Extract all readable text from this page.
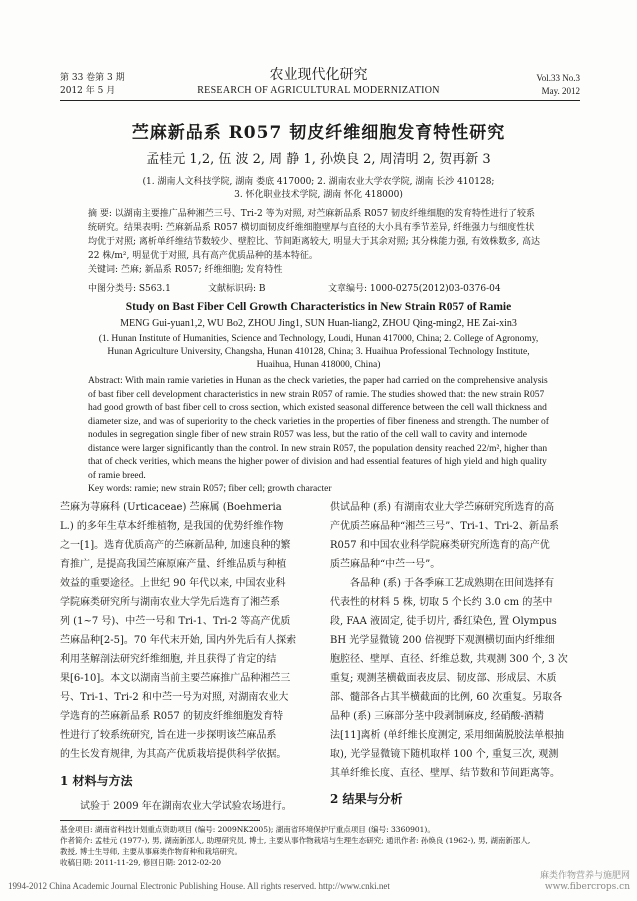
第 33 卷第 3 期
2012 年 5 月
农业现代化研究
RESEARCH OF AGRICULTURAL MODERNIZATION
Vol.33 No.3
May. 2012
苎麻新品系 R057 韧皮纤维细胞发育特性研究
孟桂元 1,2, 伍 波 2, 周 静 1, 孙焕良 2, 周清明 2, 贺再新 3
(1. 湖南人文科技学院, 湖南 娄底 417000; 2. 湖南农业大学农学院, 湖南 长沙 410128;
3. 怀化职业技术学院, 湖南 怀化 418000)
摘 要: 以湖南主要推广品种湘苎三号、Tri-2 等为对照, 对苎麻新品系 R057 韧皮纤维细胞的发育特性进行了较系
统研究。结果表明: 苎麻新品系 R057 横切面韧皮纤维细胞壁厚与直径的大小具有季节差异, 纤维强力与细度性状
均优于对照; 离析单纤维结节数较少、壁腔比、节间距离较大, 明显大于其余对照; 其分株能力强, 有效株数多, 高达
22 株/m², 明显优于对照, 具有高产优质品种的基本特征。
关键词: 苎麻; 新品系 R057; 纤维细胞; 发育特性
中图分类号: S563.1	文献标识码: B	文章编号: 1000-0275(2012)03-0376-04
Study on Bast Fiber Cell Growth Characteristics in New Strain R057 of Ramie
MENG Gui-yuan1,2, WU Bo2, ZHOU Jing1, SUN Huan-liang2, ZHOU Qing-ming2, HE Zai-xin3
(1. Hunan Institute of Humanities, Science and Technology, Loudi, Hunan 417000, China; 2. College of Agronomy,
Hunan Agriculture University, Changsha, Hunan 410128, China; 3. Huaihua Professional Technology Institute,
Huaihua, Hunan 418000, China)
Abstract: With main ramie varieties in Hunan as the check varieties, the paper had carried on the comprehensive analysis
of bast fiber cell development characteristics in new strain R057 of ramie. The studies showed that: the new strain R057
had good growth of bast fiber cell to cross section, which existed seasonal difference between the cell wall thickness and
diameter size, and was of superiority to the check varieties in the properties of fiber fineness and strength. The number of
nodules in segregation single fiber of new strain R057 was less, but the ratio of the cell wall to cavity and internode
distance were larger significantly than the control. In new strain R057, the population density reached 22/m², higher than
that of check verities, which means the higher power of division and had essential features of high yield and high quality
of ramie breed.
Key words: ramie; new strain R057; fiber cell; growth character
苎麻为荨麻科 (Urticaceae) 苎麻属 (Boehmeria
L.) 的多年生草本纤维植物, 是我国的优势纤维作物
之一[1]。选育优质高产的苎麻新品种, 加速良种的繁
育推广, 是提高我国苎麻原麻产量、纤维品质与种植
效益的重要途径。上世纪 90 年代以来, 中国农业科
学院麻类研究所与湖南农业大学先后选育了湘苎系
列 (1~7 号)、中苎一号和 Tri-1、Tri-2 等高产优质
苎麻品种[2-5]。70 年代末开始, 国内外先后有人探索
利用茎解剖法研究纤维细胞, 并且获得了肯定的结
果[6-10]。本文以湖南当前主要苎麻推广品种湘苎三
号、Tri-1、Tri-2 和中苎一号为对照, 对湖南农业大
学选育的苎麻新品系 R057 的韧皮纤维细胞发育特
性进行了较系统研究, 旨在进一步探明该苎麻品系
的生长发育规律, 为其高产优质栽培提供科学依据。
1 材料与方法
试验于 2009 年在湖南农业大学试验农场进行。
供试品种 (系) 有湖南农业大学苎麻研究所选育的高
产优质苎麻品种“湘苎三号”、Tri-1、Tri-2、新品系
R057 和中国农业科学院麻类研究所选育的高产优
质苎麻品种“中苎一号”。
各品种 (系) 于各季麻工艺成熟期在田间选择有
代表性的材料 5 株, 切取 5 个长约 3.0 cm 的茎中
段, FAA 液固定, 徒手切片, 番红染色, 置 Olympus
BH 光学显微镜 200 倍视野下观测横切面内纤维细
胞腔径、壁厚、直径、纤维总数, 共观测 300 个, 3 次
重复; 观测茎横截面表皮层、韧皮部、形成层、木质
部、髓部各占其半横截面的比例, 60 次重复。另取各
品种 (系) 三麻部分茎中段剥制麻皮, 经硝酸-酒精
法[11]离析 (单纤维长度测定, 采用细菌脱胶法单根抽
取), 光学显微镜下随机取样 100 个, 重复三次, 观测
其单纤维长度、直径、壁厚、结节数和节间距离等。
2 结果与分析
基金项目: 湖南省科技计划重点资助项目 (编号: 2009NK2005); 湖南省环境保护厅重点项目 (编号: 3360901)。
作者简介: 孟桂元 (1977-), 男, 湖南新邵人, 助理研究员, 博士, 主要从事作物栽培与生理生态研究; 通讯作者: 孙焕良 (1962-), 男, 湖南新邵人,
教授, 博士生导师, 主要从事麻类作物育种和栽培研究。
收稿日期: 2011-11-29, 修回日期: 2012-02-20
1994-2012 China Academic Journal Electronic Publishing House. All rights reserved. http://www.cnki.net
麻类作物营养与施肥网
www.fibercrops.cn
